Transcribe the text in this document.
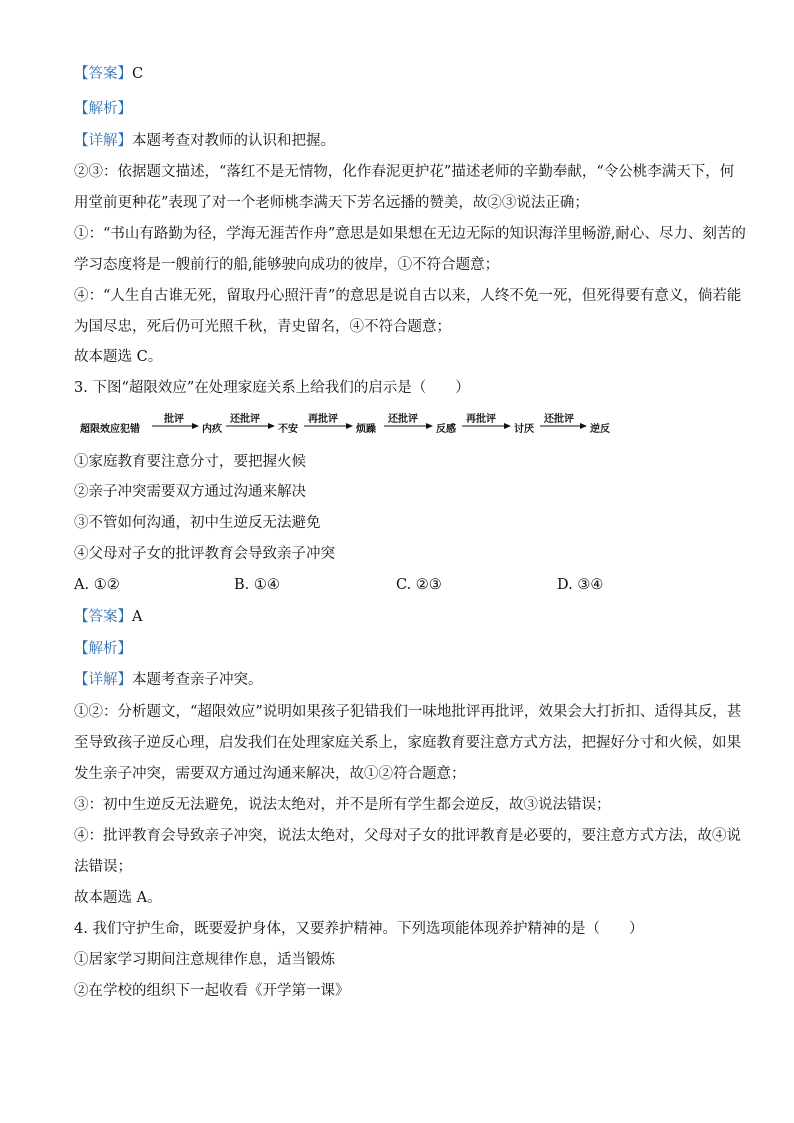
【答案】C
【解析】
【详解】本题考查对教师的认识和把握。
②③：依据题文描述，“落红不是无情物，化作春泥更护花”描述老师的辛勤奉献，“令公桃李满天下，何
用堂前更种花”表现了对一个老师桃李满天下芳名远播的赞美，故②③说法正确；
①：“书山有路勤为径，学海无涯苦作舟”意思是如果想在无边无际的知识海洋里畅游,耐心、尽力、刻苦的
学习态度将是一艘前行的船,能够驶向成功的彼岸，①不符合题意；
④：“人生自古谁无死，留取丹心照汗青”的意思是说自古以来，人终不免一死，但死得要有意义，倘若能
为国尽忠，死后仍可光照千秋，青史留名，④不符合题意；
故本题选 C。
3. 下图“超限效应”在处理家庭关系上给我们的启示是（　　）
超限效应犯错
批评
内疚
还批评
不安
再批评
烦躁
还批评
反感
再批评
讨厌
还批评
逆反
①家庭教育要注意分寸，要把握火候
②亲子冲突需要双方通过沟通来解决
③不管如何沟通，初中生逆反无法避免
④父母对子女的批评教育会导致亲子冲突
A. ①②	B. ①④	C. ②③	D. ③④
【答案】A
【解析】
【详解】本题考查亲子冲突。
①②：分析题文，“超限效应”说明如果孩子犯错我们一味地批评再批评，效果会大打折扣、适得其反，甚
至导致孩子逆反心理，启发我们在处理家庭关系上，家庭教育要注意方式方法，把握好分寸和火候，如果
发生亲子冲突，需要双方通过沟通来解决，故①②符合题意；
③：初中生逆反无法避免，说法太绝对，并不是所有学生都会逆反，故③说法错误；
④：批评教育会导致亲子冲突，说法太绝对，父母对子女的批评教育是必要的，要注意方式方法，故④说
法错误；
故本题选 A。
4. 我们守护生命，既要爱护身体，又要养护精神。下列选项能体现养护精神的是（　　）
①居家学习期间注意规律作息，适当锻炼
②在学校的组织下一起收看《开学第一课》
